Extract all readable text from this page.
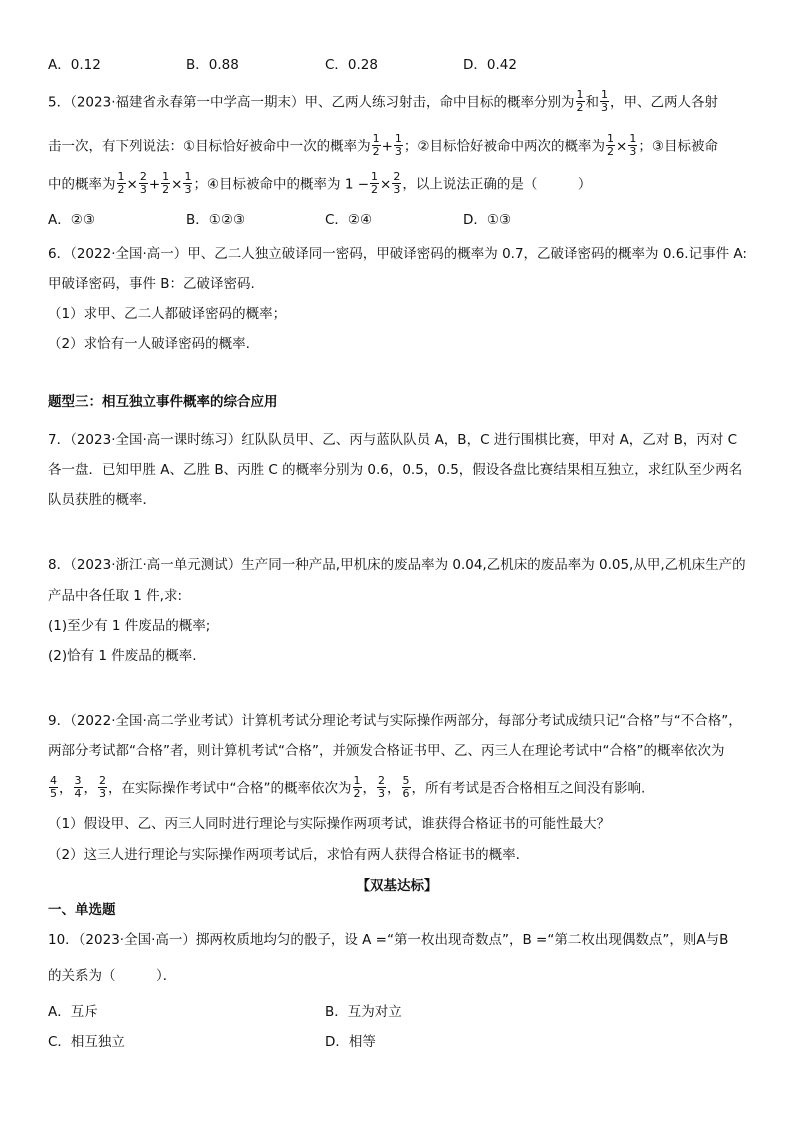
A．0.12	B．0.88	C．0.28	D．0.42
5．（2023·福建省永春第一中学高一期末）甲、乙两人练习射击，命中目标的概率分别为 $\frac{1}{2}$ 和 $\frac{1}{3}$ ，甲、乙两人各射
击一次，有下列说法：①目标恰好被命中一次的概率为 $\frac{1}{2} + \frac{1}{3}$ ；②目标恰好被命中两次的概率为 $\frac{1}{2} \times \frac{1}{3}$ ；③目标被命
中的概率为 $\frac{1}{2} \times \frac{2}{3} + \frac{1}{2} \times \frac{1}{3}$ ；④目标被命中的概率为 $1 - \frac{1}{2} \times \frac{2}{3}$ ，以上说法正确的是（　　　）
A．②③	B．①②③	C．②④	D．①③
6．（2022·全国·高一）甲、乙二人独立破译同一密码，甲破译密码的概率为 0.7，乙破译密码的概率为 0.6.记事件 A:
甲破译密码，事件 B：乙破译密码.
（1）求甲、乙二人都破译密码的概率；
（2）求恰有一人破译密码的概率.
题型三：相互独立事件概率的综合应用
7．（2023·全国·高一课时练习）红队队员甲、乙、丙与蓝队队员 A，B，C 进行围棋比赛，甲对 A，乙对 B，丙对 C
各一盘．已知甲胜 A、乙胜 B、丙胜 C 的概率分别为 0.6，0.5，0.5，假设各盘比赛结果相互独立，求红队至少两名
队员获胜的概率．
8．（2023·浙江·高一单元测试）生产同一种产品,甲机床的废品率为 0.04,乙机床的废品率为 0.05,从甲,乙机床生产的
产品中各任取 1 件,求:
(1)至少有 1 件废品的概率;
(2)恰有 1 件废品的概率.
9．（2022·全国·高二学业考试）计算机考试分理论考试与实际操作两部分，每部分考试成绩只记“合格”与“不合格”，
两部分考试都“合格”者，则计算机考试“合格”，并颁发合格证书甲、乙、丙三人在理论考试中“合格”的概率依次为
$\frac{4}{5}$ ， $\frac{3}{4}$ ， $\frac{2}{3}$ ，在实际操作考试中“合格”的概率依次为 $\frac{1}{2}$ ， $\frac{2}{3}$ ， $\frac{5}{6}$ ，所有考试是否合格相互之间没有影响.
（1）假设甲、乙、丙三人同时进行理论与实际操作两项考试，谁获得合格证书的可能性最大？
（2）这三人进行理论与实际操作两项考试后，求恰有两人获得合格证书的概率.
【双基达标】
一、单选题
10．（2023·全国·高一）掷两枚质地均匀的骰子，设 A =“第一枚出现奇数点”，B =“第二枚出现偶数点”，则A与B
的关系为（　　　）．
A．互斥	B．互为对立
C．相互独立	D．相等
